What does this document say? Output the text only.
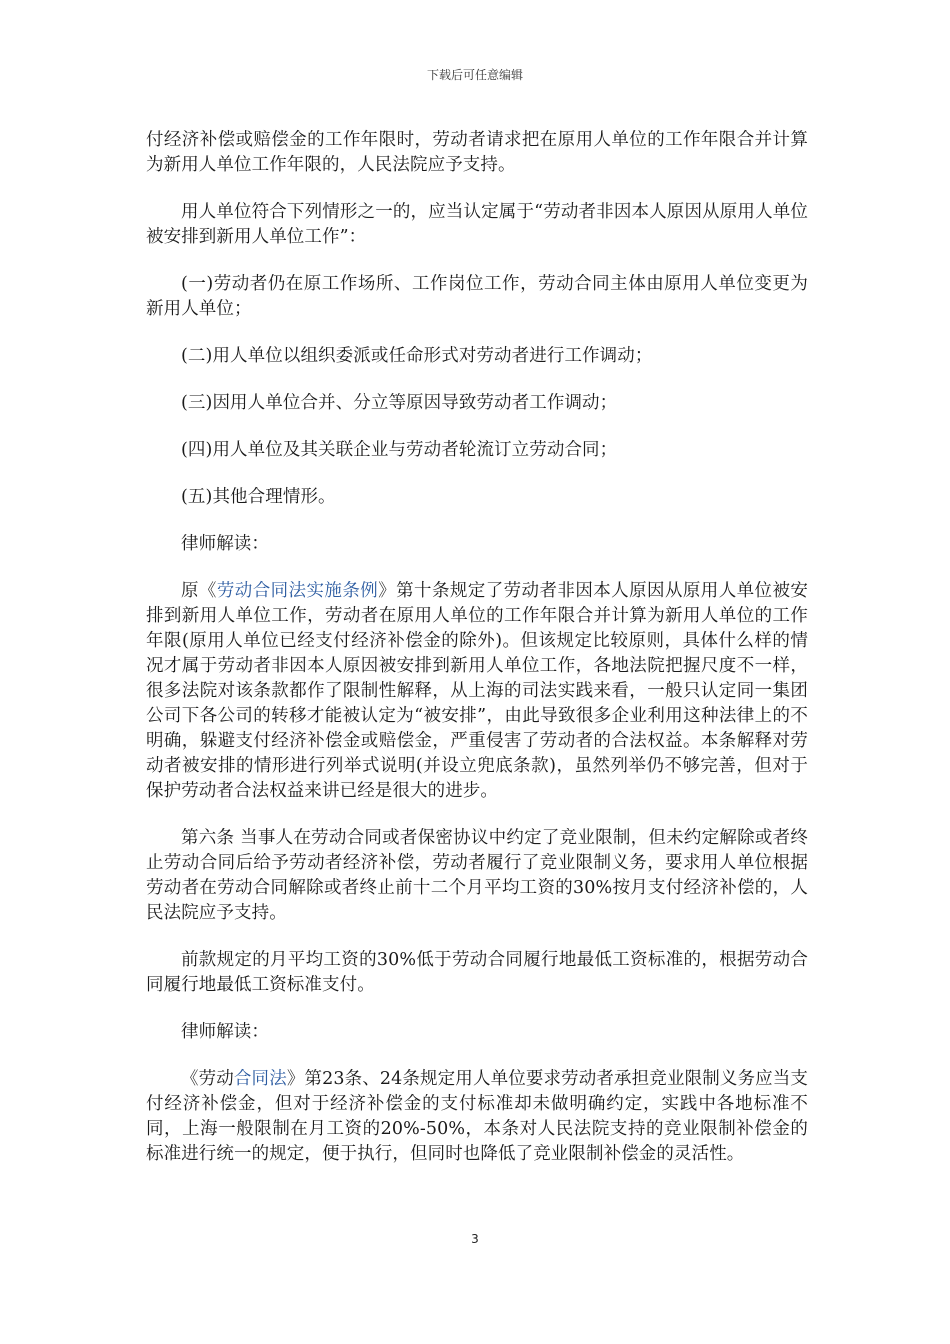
下载后可任意编辑

付经济补偿或赔偿金的工作年限时，劳动者请求把在原用人单位的工作年限合并计算为新用人单位工作年限的，人民法院应予支持。

用人单位符合下列情形之一的，应当认定属于“劳动者非因本人原因从原用人单位被安排到新用人单位工作”：

(一)劳动者仍在原工作场所、工作岗位工作，劳动合同主体由原用人单位变更为新用人单位；

(二)用人单位以组织委派或任命形式对劳动者进行工作调动；

(三)因用人单位合并、分立等原因导致劳动者工作调动；

(四)用人单位及其关联企业与劳动者轮流订立劳动合同；

(五)其他合理情形。

律师解读：

原《劳动合同法实施条例》第十条规定了劳动者非因本人原因从原用人单位被安排到新用人单位工作，劳动者在原用人单位的工作年限合并计算为新用人单位的工作年限(原用人单位已经支付经济补偿金的除外)。但该规定比较原则，具体什么样的情况才属于劳动者非因本人原因被安排到新用人单位工作，各地法院把握尺度不一样，很多法院对该条款都作了限制性解释，从上海的司法实践来看，一般只认定同一集团公司下各公司的转移才能被认定为“被安排”，由此导致很多企业利用这种法律上的不明确，躲避支付经济补偿金或赔偿金，严重侵害了劳动者的合法权益。本条解释对劳动者被安排的情形进行列举式说明(并设立兜底条款)，虽然列举仍不够完善，但对于保护劳动者合法权益来讲已经是很大的进步。

第六条 当事人在劳动合同或者保密协议中约定了竞业限制，但未约定解除或者终止劳动合同后给予劳动者经济补偿，劳动者履行了竞业限制义务，要求用人单位根据劳动者在劳动合同解除或者终止前十二个月平均工资的30%按月支付经济补偿的，人民法院应予支持。

前款规定的月平均工资的30%低于劳动合同履行地最低工资标准的，根据劳动合同履行地最低工资标准支付。

律师解读：

《劳动合同法》第23条、24条规定用人单位要求劳动者承担竞业限制义务应当支付经济补偿金，但对于经济补偿金的支付标准却未做明确约定，实践中各地标准不同，上海一般限制在月工资的20%-50%，本条对人民法院支持的竞业限制补偿金的标准进行统一的规定，便于执行，但同时也降低了竞业限制补偿金的灵活性。

3
